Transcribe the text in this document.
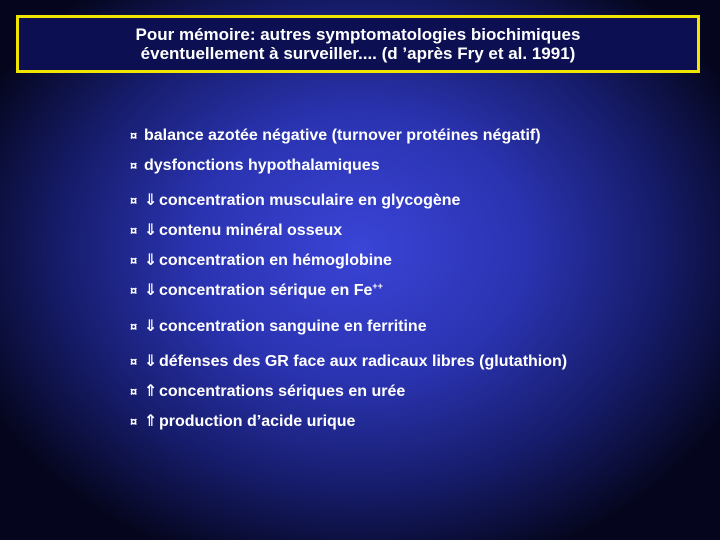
Pour mémoire: autres symptomatologies biochimiques
éventuellement à surveiller.... (d ’après Fry et al. 1991)
¤ balance azotée négative (turnover protéines négatif)
¤ dysfonctions hypothalamiques
¤ ⇓concentration musculaire en glycogène
¤ ⇓contenu minéral osseux
¤ ⇓concentration en hémoglobine
¤ ⇓concentration sérique en Fe++
¤ ⇓concentration sanguine en ferritine
¤ ⇓défenses des GR face aux radicaux libres (glutathion)
¤ ⇑concentrations sériques en urée
¤ ⇑production d’acide urique
